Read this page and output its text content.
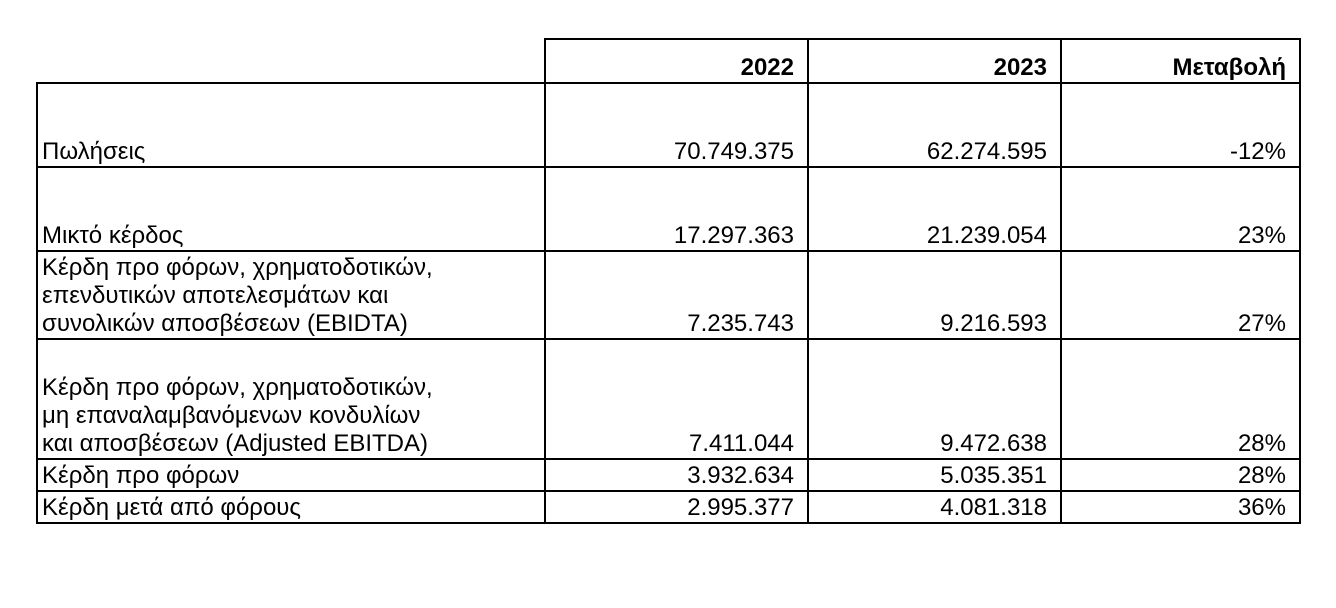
	2022	2023	Μεταβολή
Πωλήσεις	70.749.375	62.274.595	-12%
Μικτό κέρδος	17.297.363	21.239.054	23%
Κέρδη προ φόρων, χρηματοδοτικών,
επενδυτικών αποτελεσμάτων και
συνολικών αποσβέσεων (EBIDTA)	7.235.743	9.216.593	27%
Κέρδη προ φόρων, χρηματοδοτικών,
μη επαναλαμβανόμενων κονδυλίων
και αποσβέσεων (Adjusted EBITDA)	7.411.044	9.472.638	28%
Κέρδη προ φόρων	3.932.634	5.035.351	28%
Κέρδη μετά από φόρους	2.995.377	4.081.318	36%
